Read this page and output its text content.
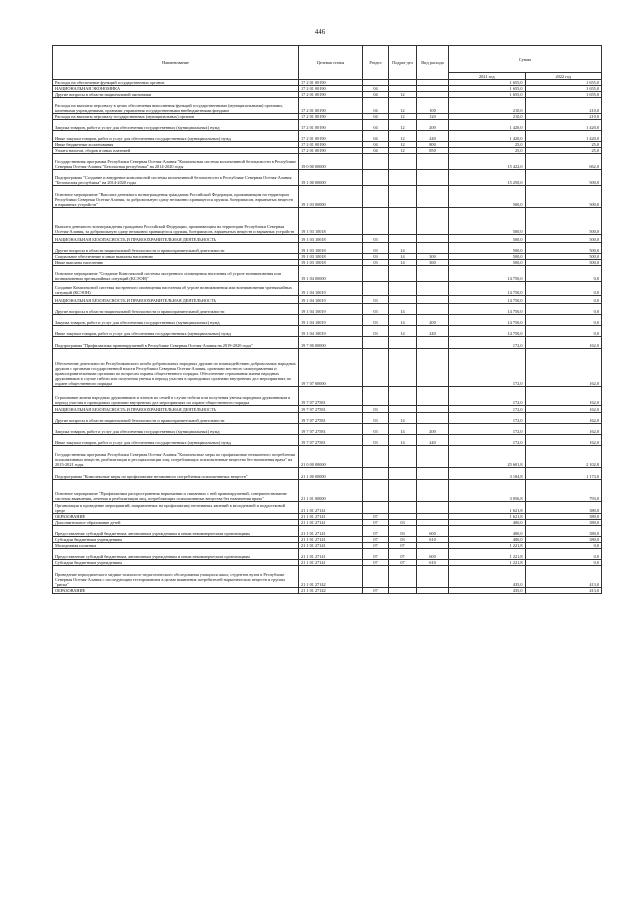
446
Наименование	Целевая статья	Раздел	Подраз-дел	Вид расхода	Сумма	
					2021 год	2022 год
Расходы на обеспечение функций государственных органов	17 2 01 00190				1 655,0	1 655,0
НАЦИОНАЛЬНАЯ ЭКОНОМИКА	17 2 01 00190	04			1 655,0	1 655,0
Другие вопросы в области национальной экономики	17 2 01 00190	04	12		1 655,0	1 655,0
Расходы на выплаты персоналу в целях обеспечения выполнения функций государственными (муниципальными) органами, казенными учреждениями, органами управления государственными внебюджетными фондами	17 2 01 00190	04	12	100	210,0	210,0
Расходы на выплаты персоналу государственных (муниципальных) органов	17 2 01 00190	04	12	120	210,0	210,0
Закупка товаров, работ и услуг для обеспечения государственных (муниципальных) нужд	17 2 01 00190	04	12	200	1 420,0	1 420,0
Иные закупки товаров, работ и услуг для обеспечения государственных (муниципальных) нужд	17 2 01 00190	04	12	240	1 420,0	1 420,0
Иные бюджетные ассигнования	17 2 01 00190	04	12	800	25,0	25,0
Уплата налогов, сборов и иных платежей	17 2 01 00190	04	12	850	25,0	25,0
Государственная программа Республики Северная Осетия-Алания "Комплексная система коллективной безопасности в Республике Северная Осетия-Алания "Безопасная республика" на 2014-2020 годы	19 0 00 00000				15 422,0	662,0
Подпрограмма "Создание и внедрение комплексной системы коллективной безопасности в Республике Северная Осетия-Алания "Безопасная республика" на 2014-2020 годы	19 1 00 00000				15 250,0	500,0
Основное мероприятие "Выплата денежного вознаграждения гражданам Российской Федерации, проживающим на территории Республики Северная Осетия-Алания, за добровольную сдачу незаконно хранящегося оружия, боеприпасов, взрывчатых веществ и взрывных устройств"	19 1 03 00000				500,0	500,0
Выплата денежного вознаграждения гражданам Российской Федерации, проживающим на территории Республики Северная Осетия-Алания, за добровольную сдачу незаконно хранящегося оружия, боеприпасов, взрывчатых веществ и взрывных устройств	19 1 03 10018				500,0	500,0
НАЦИОНАЛЬНАЯ БЕЗОПАСНОСТЬ И ПРАВООХРАНИТЕЛЬНАЯ ДЕЯТЕЛЬНОСТЬ	19 1 03 10018	03			500,0	500,0
Другие вопросы в области национальной безопасности и правоохранительной деятельности	19 1 03 10018	03	14		500,0	500,0
Социальное обеспечение и иные выплаты населению	19 1 03 10018	03	14	300	500,0	500,0
Иные выплаты населению	19 1 03 10018	03	14	360	500,0	500,0
Основное мероприятие "Создание Комплексной системы экстренного оповещения населения об угрозе возникновения или возникновении чрезвычайных ситуаций (КСЭОН)"	19 1 04 00000				14 750,0	0,0
Создание Комплексной системы экстренного оповещения населения об угрозе возникновения или возникновении чрезвычайных ситуаций (КСЭОН)	19 1 04 10019				14 750,0	0,0
НАЦИОНАЛЬНАЯ БЕЗОПАСНОСТЬ И ПРАВООХРАНИТЕЛЬНАЯ ДЕЯТЕЛЬНОСТЬ	19 1 04 10019	03			14 750,0	0,0
Другие вопросы в области национальной безопасности и правоохранительной деятельности	19 1 04 10019	03	14		14 750,0	0,0
Закупка товаров, работ и услуг для обеспечения государственных (муниципальных) нужд	19 1 04 10019	03	14	200	14 750,0	0,0
Иные закупки товаров, работ и услуг для обеспечения государственных (муниципальных) нужд	19 1 04 10019	03	14	240	14 750,0	0,0
Подпрограмма "Профилактика правонарушений в Республике Северная Осетия-Алания на 2019-2020 годы"	19 7 00 00000				172,0	162,0
Обеспечение деятельности Республиканского штаба добровольных народных дружин по взаимодействию добровольных народных дружин с органами государственной власти Республики Северная Осетия-Алания, органами местного самоуправления и правоохранительными органами по вопросам охраны общественного порядка. Обеспечение страхования жизни народных дружинников в случае гибели или получения увечья в период участия в проводимых органами внутренних дел мероприятиях по охране общественного порядка	19 7 07 00000				172,0	162,0
Страхование жизни народных дружинников и членов их семей в случае гибели или получения увечья народным дружинником в период участия в проводимых органами внутренних дел мероприятиях по охране общественного порядка	19 7 07 27581				172,0	162,0
НАЦИОНАЛЬНАЯ БЕЗОПАСНОСТЬ И ПРАВООХРАНИТЕЛЬНАЯ ДЕЯТЕЛЬНОСТЬ	19 7 07 27581	03			172,0	162,0
Другие вопросы в области национальной безопасности и правоохранительной деятельности	19 7 07 27581	03	14		172,0	162,0
Закупка товаров, работ и услуг для обеспечения государственных (муниципальных) нужд	19 7 07 27581	03	14	200	172,0	162,0
Иные закупки товаров, работ и услуг для обеспечения государственных (муниципальных) нужд	19 7 07 27581	03	14	240	172,0	162,0
Государственная программа Республики Северная Осетия-Алания "Комплексные меры по профилактике незаконного потребления психоактивных веществ, реабилитации и ресоциализации лиц, потребляющих психоактивные вещества без назначения врача" на 2015-2021 годы	21 0 00 00000				25 601,8	2 102,8
Подпрограмма "Комплексные меры по профилактике незаконного потребления психоактивных веществ"	21 1 00 00000				3 184,8	1 173,0
Основное мероприятие "Профилактика распространения наркомании и связанных с ней правонарушений, совершенствование системы выявления, лечения и реабилитации лиц, потребляющих психоактивные вещества без назначения врача"	21 1 01 00000				3 056,8	793,0
Организация и проведение мероприятий, направленных на профилактику негативных явлений в молодежной и подростковой среде	21 1 01 27141				1 621,8	380,0
ОБРАЗОВАНИЕ	21 1 01 27141	07			1 621,8	380,0
Дополнительное образование детей	21 1 01 27141	07	03		400,0	380,0
Предоставление субсидий бюджетным, автономным учреждениям и иным некоммерческим организациям	21 1 01 27141	07	03	600	400,0	380,0
Субсидии бюджетным учреждениям	21 1 01 27141	07	03	610	400,0	380,0
Молодежная политика	21 1 01 27141	07	07		1 221,8	0,0
Предоставление субсидий бюджетным, автономным учреждениям и иным некоммерческим организациям	21 1 01 27141	07	07	600	1 221,8	0,0
Субсидии бюджетным учреждениям	21 1 01 27141	07	07	610	1 221,8	0,0
Проведение периодического медико-психолого-педагогического обследования учащихся школ, студентов вузов в Республике Северная Осетия-Алания с последующим тестированием в целью выявления потребителей наркотических веществ и группы "риска"	21 1 01 27142				435,0	413,0
ОБРАЗОВАНИЕ	21 1 01 27142	07			435,0	413,0
